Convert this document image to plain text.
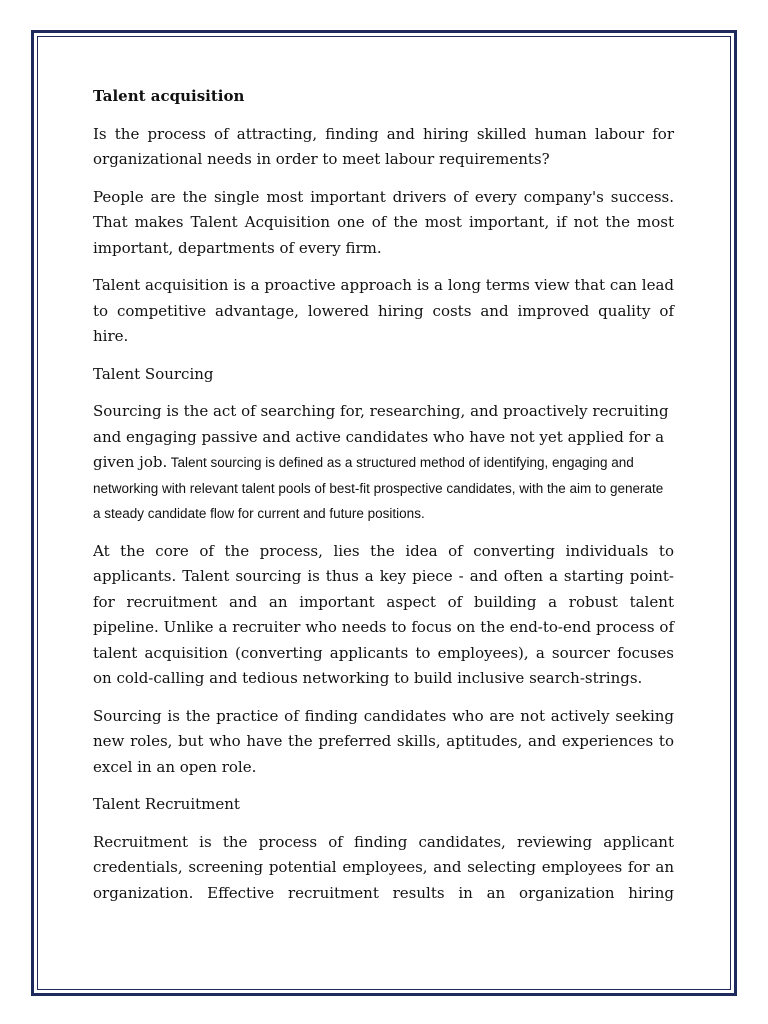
Talent acquisition

Is the process of attracting, finding and hiring skilled human labour for organizational needs in order to meet labour requirements?

People are the single most important drivers of every company's success. That makes Talent Acquisition one of the most important, if not the most important, departments of every firm.

Talent acquisition is a proactive approach is a long terms view that can lead to competitive advantage, lowered hiring costs and improved quality of hire.

Talent Sourcing

Sourcing is the act of searching for, researching, and proactively recruiting and engaging passive and active candidates who have not yet applied for a given job. Talent sourcing is defined as a structured method of identifying, engaging and networking with relevant talent pools of best-fit prospective candidates, with the aim to generate a steady candidate flow for current and future positions.

At the core of the process, lies the idea of converting individuals to applicants. Talent sourcing is thus a key piece - and often a starting point- for recruitment and an important aspect of building a robust talent pipeline. Unlike a recruiter who needs to focus on the end-to-end process of talent acquisition (converting applicants to employees), a sourcer focuses on cold-calling and tedious networking to build inclusive search-strings.

Sourcing is the practice of finding candidates who are not actively seeking new roles, but who have the preferred skills, aptitudes, and experiences to excel in an open role.

Talent Recruitment

Recruitment is the process of finding candidates, reviewing applicant credentials, screening potential employees, and selecting employees for an organization. Effective recruitment results in an organization hiring
